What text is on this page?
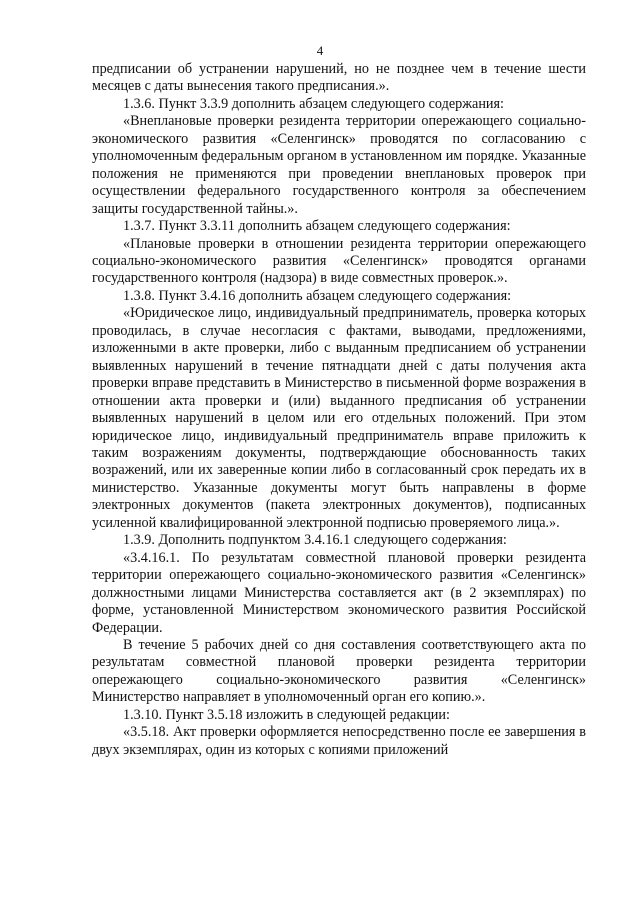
4

предписании об устранении нарушений, но не позднее чем в течение шести месяцев с даты вынесения такого предписания.».

1.3.6. Пункт 3.3.9 дополнить абзацем следующего содержания:

«Внеплановые проверки резидента территории опережающего социально-экономического развития «Селенгинск» проводятся по согласованию с уполномоченным федеральным органом в установленном им порядке. Указанные положения не применяются при проведении внеплановых проверок при осуществлении федерального государственного контроля за обеспечением защиты государственной тайны.».

1.3.7. Пункт 3.3.11 дополнить абзацем следующего содержания:

«Плановые проверки в отношении резидента территории опережающего социально-экономического развития «Селенгинск» проводятся органами государственного контроля (надзора) в виде совместных проверок.».

1.3.8. Пункт 3.4.16 дополнить абзацем следующего содержания:

«Юридическое лицо, индивидуальный предприниматель, проверка которых проводилась, в случае несогласия с фактами, выводами, предложениями, изложенными в акте проверки, либо с выданным предписанием об устранении выявленных нарушений в течение пятнадцати дней с даты получения акта проверки вправе представить в Министерство в письменной форме возражения в отношении акта проверки и (или) выданного предписания об устранении выявленных нарушений в целом или его отдельных положений. При этом юридическое лицо, индивидуальный предприниматель вправе приложить к таким возражениям документы, подтверждающие обоснованность таких возражений, или их заверенные копии либо в согласованный срок передать их в министерство. Указанные документы могут быть направлены в форме электронных документов (пакета электронных документов), подписанных усиленной квалифицированной электронной подписью проверяемого лица.».

1.3.9. Дополнить подпунктом 3.4.16.1 следующего содержания:

«3.4.16.1. По результатам совместной плановой проверки резидента территории опережающего социально-экономического развития «Селенгинск» должностными лицами Министерства составляется акт (в 2 экземплярах) по форме, установленной Министерством экономического развития Российской Федерации.

В течение 5 рабочих дней со дня составления соответствующего акта по результатам совместной плановой проверки резидента территории опережающего социально-экономического развития «Селенгинск» Министерство направляет в уполномоченный орган его копию.».

1.3.10. Пункт 3.5.18 изложить в следующей редакции:

«3.5.18. Акт проверки оформляется непосредственно после ее завершения в двух экземплярах, один из которых с копиями приложений
